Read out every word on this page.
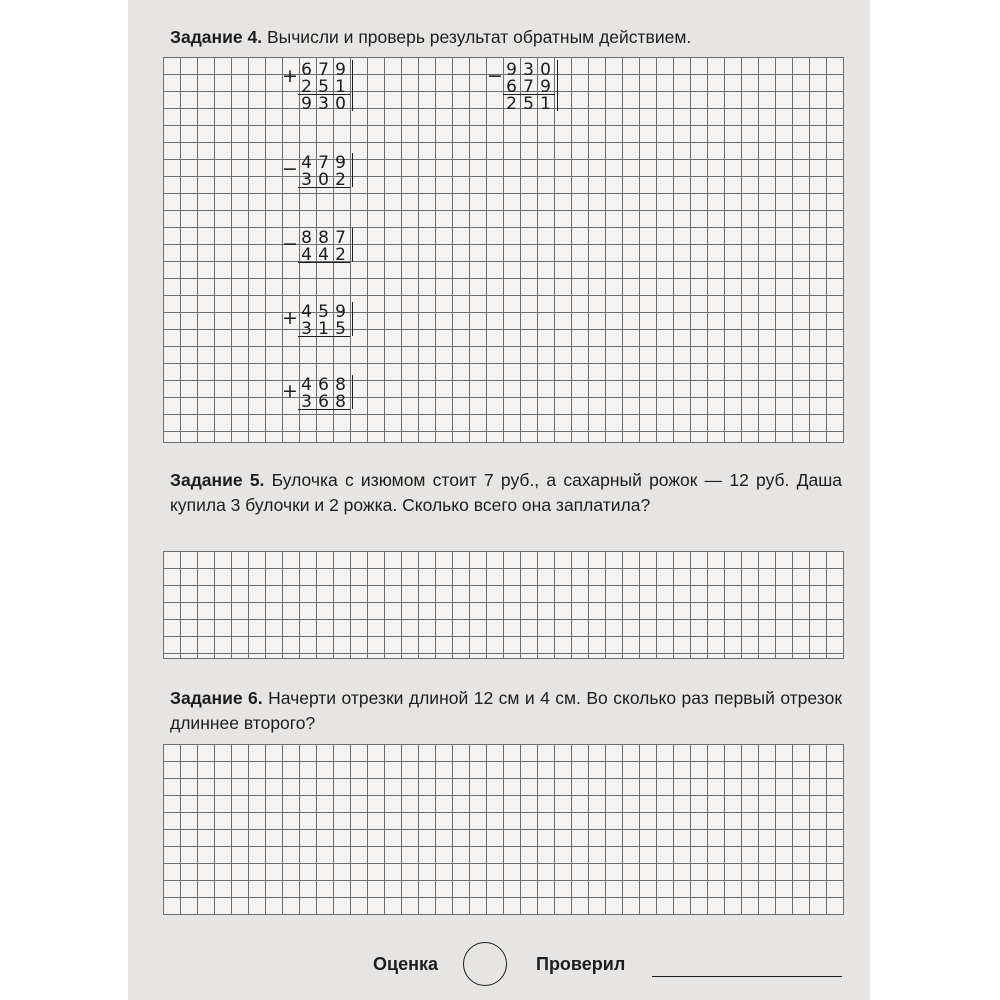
Задание 4. Вычисли и проверь результат обратным действием.
+ 6 7 9
2 5 1
9 3 0
− 9 3 0
6 7 9
2 5 1
− 4 7 9
3 0 2
− 8 8 7
4 4 2
+ 4 5 9
3 1 5
+ 4 6 8
3 6 8
Задание 5. Булочка с изюмом стоит 7 руб., а сахарный рожок — 12 руб. Даша купила 3 булочки и 2 рожка. Сколько всего она заплатила?
Задание 6. Начерти отрезки длиной 12 см и 4 см. Во сколько раз первый отрезок длиннее второго?
Оценка	Проверил
